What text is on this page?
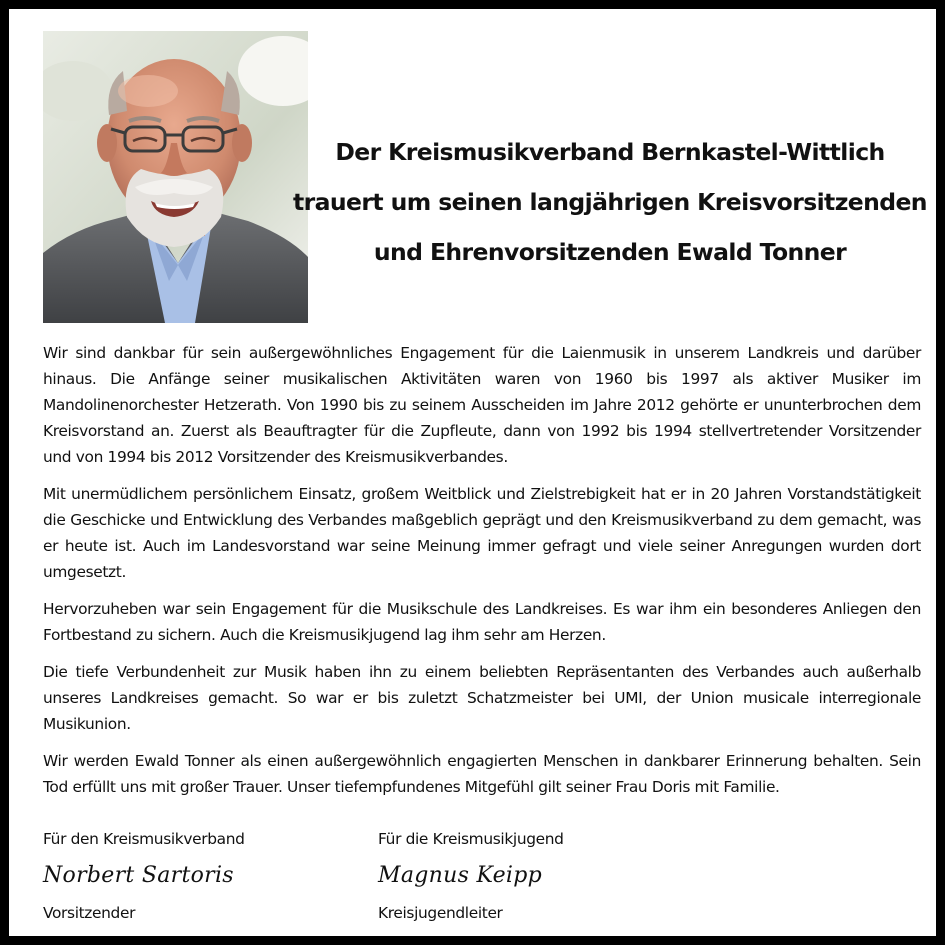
Der Kreismusikverband Bernkastel-Wittlich
trauert um seinen langjährigen Kreisvorsitzenden
und Ehrenvorsitzenden Ewald Tonner

Wir sind dankbar für sein außergewöhnliches Engagement für die Laienmusik in unserem Landkreis und darüber hinaus. Die Anfänge seiner musikalischen Aktivitäten waren von 1960 bis 1997 als aktiver Musiker im Mandolinenorchester Hetzerath. Von 1990 bis zu seinem Ausscheiden im Jahre 2012 gehörte er ununterbrochen dem Kreisvorstand an. Zuerst als Beauftragter für die Zupfleute, dann von 1992 bis 1994 stellvertretender Vorsitzender und von 1994 bis 2012 Vorsitzender des Kreismusikverbandes.

Mit unermüdlichem persönlichem Einsatz, großem Weitblick und Zielstrebigkeit hat er in 20 Jahren Vorstandstätigkeit die Geschicke und Entwicklung des Verbandes maßgeblich geprägt und den Kreismusikverband zu dem gemacht, was er heute ist. Auch im Landesvorstand war seine Meinung immer gefragt und viele seiner Anregungen wurden dort umgesetzt.

Hervorzuheben war sein Engagement für die Musikschule des Landkreises. Es war ihm ein besonderes Anliegen den Fortbestand zu sichern. Auch die Kreismusikjugend lag ihm sehr am Herzen.

Die tiefe Verbundenheit zur Musik haben ihn zu einem beliebten Repräsentanten des Verbandes auch außerhalb unseres Landkreises gemacht. So war er bis zuletzt Schatzmeister bei UMI, der Union musicale interregionale Musikunion.

Wir werden Ewald Tonner als einen außergewöhnlich engagierten Menschen in dankbarer Erinnerung behalten. Sein Tod erfüllt uns mit großer Trauer. Unser tiefempfundenes Mitgefühl gilt seiner Frau Doris mit Familie.

Für den Kreismusikverband
Norbert Sartoris
Vorsitzender
Für die Kreismusikjugend
Magnus Keipp
Kreisjugendleiter
